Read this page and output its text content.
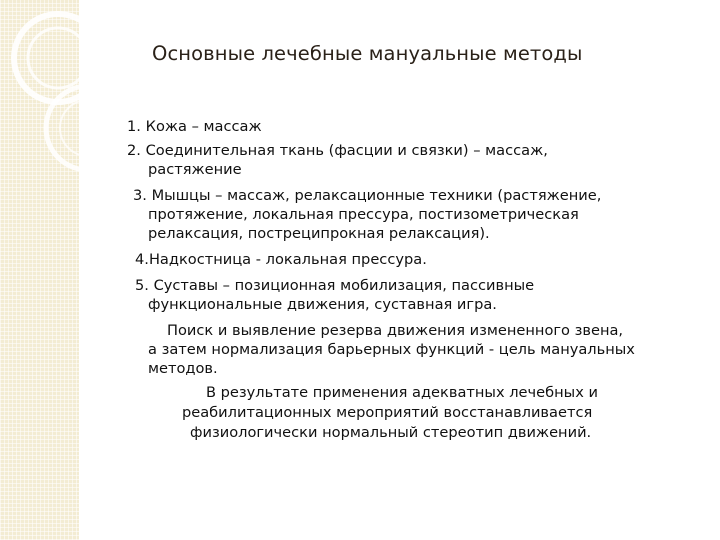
Основные лечебные мануальные методы
1. Кожа – массаж
2. Соединительная ткань (фасции и связки) – массаж,
растяжение
3. Мышцы – массаж, релаксационные техники (растяжение,
протяжение, локальная прессура, постизометрическая
релаксация, постреципрокная релаксация).
4.Надкостница - локальная прессура.
5. Суставы – позиционная мобилизация, пассивные
функциональные движения, суставная игра.
Поиск и выявление резерва движения измененного звена,
а затем нормализация барьерных функций - цель мануальных
методов.
В результате применения адекватных лечебных и
реабилитационных мероприятий восстанавливается
физиологически нормальный стереотип движений.
